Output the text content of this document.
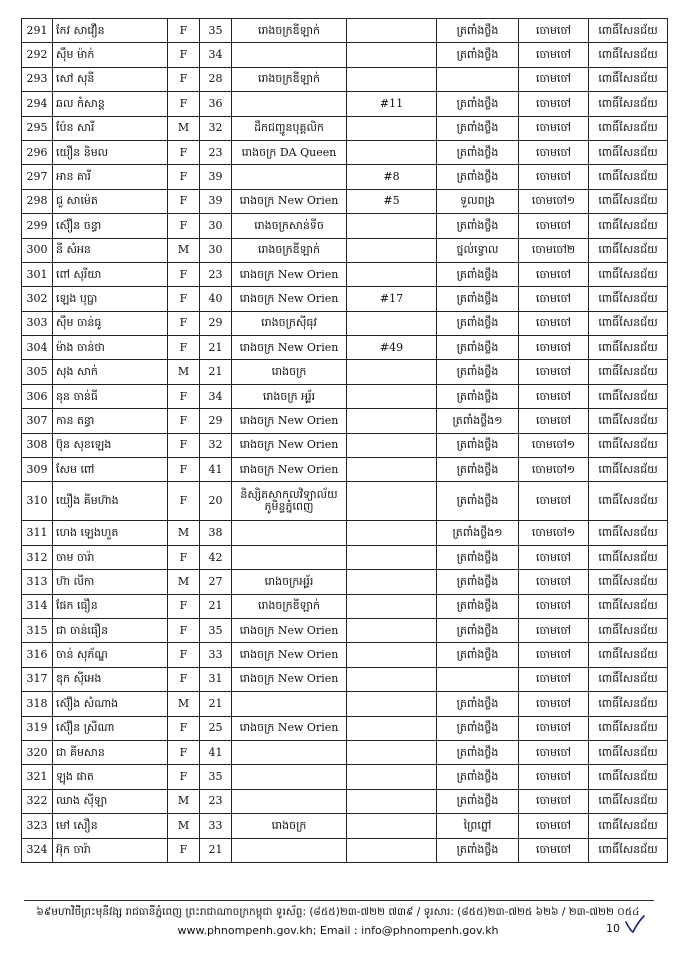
291	កែវ សាវឿន	F	35	រោងចក្រឌីឡាក់		ត្រពាំងថ្លឹង	ចោមចៅ	ពោធិ៍សែនជ័យ
292	ស៊ឹម ម៉ាក់	F	34			ត្រពាំងថ្លឹង	ចោមចៅ	ពោធិ៍សែនជ័យ
293	សៅ សុនី	F	28	រោងចក្រឌីឡាក់			ចោមចៅ	ពោធិ៍សែនជ័យ
294	ឆល កំសាន្ត	F	36		#11	ត្រពាំងថ្លឹង	ចោមចៅ	ពោធិ៍សែនជ័យ
295	ប៉ែន សារី	M	32	ដឹកជញ្ជូនបុគ្គលិក		ត្រពាំងថ្លឹង	ចោមចៅ	ពោធិ៍សែនជ័យ
296	យឿន និមល	F	23	រោងចក្រ DA Queen		ត្រពាំងថ្លឹង	ចោមចៅ	ពោធិ៍សែនជ័យ
297	អាន គារី	F	39		#8	ត្រពាំងថ្លឹង	ចោមចៅ	ពោធិ៍សែនជ័យ
298	ជួ សាម៉េត	F	39	រោងចក្រ New Orien	#5	ទួលពង្រ	ចោមចៅ១	ពោធិ៍សែនជ័យ
299	ស៊ឿន ចន្ធា	F	30	រោងចក្រសាន់ទីច		ត្រពាំងថ្លឹង	ចោមចៅ	ពោធិ៍សែនជ័យ
300	នី សំអន	M	30	រោងចក្រឌីឡាក់		ថ្នល់ទ្វោល	ចោមចៅ២	ពោធិ៍សែនជ័យ
301	ពៅ សុរីយា	F	23	រោងចក្រ New Orien		ត្រពាំងថ្លឹង	ចោមចៅ	ពោធិ៍សែនជ័យ
302	ឡេង បុប្ផា	F	40	រោងចក្រ New Orien	#17	ត្រពាំងថ្លឹង	ចោមចៅ	ពោធិ៍សែនជ័យ
303	ស៊ឹម ចាន់ធូ	F	29	រោងចក្រស៊ីធុវ		ត្រពាំងថ្លឹង	ចោមចៅ	ពោធិ៍សែនជ័យ
304	ម៉ាង ចាន់ថា	F	21	រោងចក្រ New Orien	#49	ត្រពាំងថ្លឹង	ចោមចៅ	ពោធិ៍សែនជ័យ
305	សុង សាក់	M	21	រោងចក្រ		ត្រពាំងថ្លឹង	ចោមចៅ	ពោធិ៍សែនជ័យ
306	នុន ចាន់ធី	F	34	រោងចក្រ អុរ្ទ័រ		ត្រពាំងថ្លឹង	ចោមចៅ	ពោធិ៍សែនជ័យ
307	កាន តន្ធា	F	29	រោងចក្រ New Orien		ត្រពាំងថ្លឹង១	ចោមចៅ	ពោធិ៍សែនជ័យ
308	ប៊ុន សុខឡេង	F	32	រោងចក្រ New Orien		ត្រពាំងថ្លឹង	ចោមចៅ១	ពោធិ៍សែនជ័យ
309	សែម ពៅ	F	41	រោងចក្រ New Orien		ត្រពាំងថ្លឹង	ចោមចៅ១	ពោធិ៍សែនជ័យ
310	យឿង គីមហ៊ាង	F	20	និស្សិតសាកលវិទ្យាល័យ ភូមិន្ទភ្នំពេញ		ត្រពាំងថ្លឹង	ចោមចៅ	ពោធិ៍សែនជ័យ
311	ហេង ឡេងហួត	M	38			ត្រពាំងថ្លឹង១	ចោមចៅ១	ពោធិ៍សែនជ័យ
312	ចាម ចារ៉ា	F	42			ត្រពាំងថ្លឹង	ចោមចៅ	ពោធិ៍សែនជ័យ
313	ហ៊ា លីកា	M	27	រោងចក្រអុរ្ទ័រ		ត្រពាំងថ្លឹង	ចោមចៅ	ពោធិ៍សែនជ័យ
314	ផែក ធឿន	F	21	រោងចក្រឌីឡាក់		ត្រពាំងថ្លឹង	ចោមចៅ	ពោធិ៍សែនជ័យ
315	ជា ចាន់ធឿន	F	35	រោងចក្រ New Orien		ត្រពាំងថ្លឹង	ចោមចៅ	ពោធិ៍សែនជ័យ
316	ចាន់ សុភ័ណ្ឌ	F	33	រោងចក្រ New Orien		ត្រពាំងថ្លឹង	ចោមចៅ	ពោធិ៍សែនជ័យ
317	ឌុក ស៊ីអេង	F	31	រោងចក្រ New Orien			ចោមចៅ	ពោធិ៍សែនជ័យ
318	ស៊ឿង សំណាង	M	21			ត្រពាំងថ្លឹង	ចោមចៅ	ពោធិ៍សែនជ័យ
319	ស៊ឿន ស្រីណា	F	25	រោងចក្រ New Orien		ត្រពាំងថ្លឹង	ចោមចៅ	ពោធិ៍សែនជ័យ
320	ជា គីមសាន	F	41			ត្រពាំងថ្លឹង	ចោមចៅ	ពោធិ៍សែនជ័យ
321	ឡុង ផាត	F	35			ត្រពាំងថ្លឹង	ចោមចៅ	ពោធិ៍សែនជ័យ
322	ឈាង ស៊ីឡា	M	23			ត្រពាំងថ្លឹង	ចោមចៅ	ពោធិ៍សែនជ័យ
323	មៅ សឿន	M	33	រោងចក្រ		ព្រៃព្នៅ	ចោមចៅ	ពោធិ៍សែនជ័យ
324	អ៊ុក ចារ៉ា	F	21			ត្រពាំងថ្លឹង	ចោមចៅ	ពោធិ៍សែនជ័យ
៦៩មហាវិថីព្រះមុនីវង្ស រាជធានីភ្នំពេញ ព្រះរាជាណាចក្រកម្ពុជា ទូរស័ព្ទ: (៨៥៥)២៣-៧២២ ៧៣៩ / ទូរសារ: (៨៥៥)២៣-៧២៥ ៦២៦ / ២៣-៧២២ ០៥៤
www.phnompenh.gov.kh; Email : info@phnompenh.gov.kh	10
